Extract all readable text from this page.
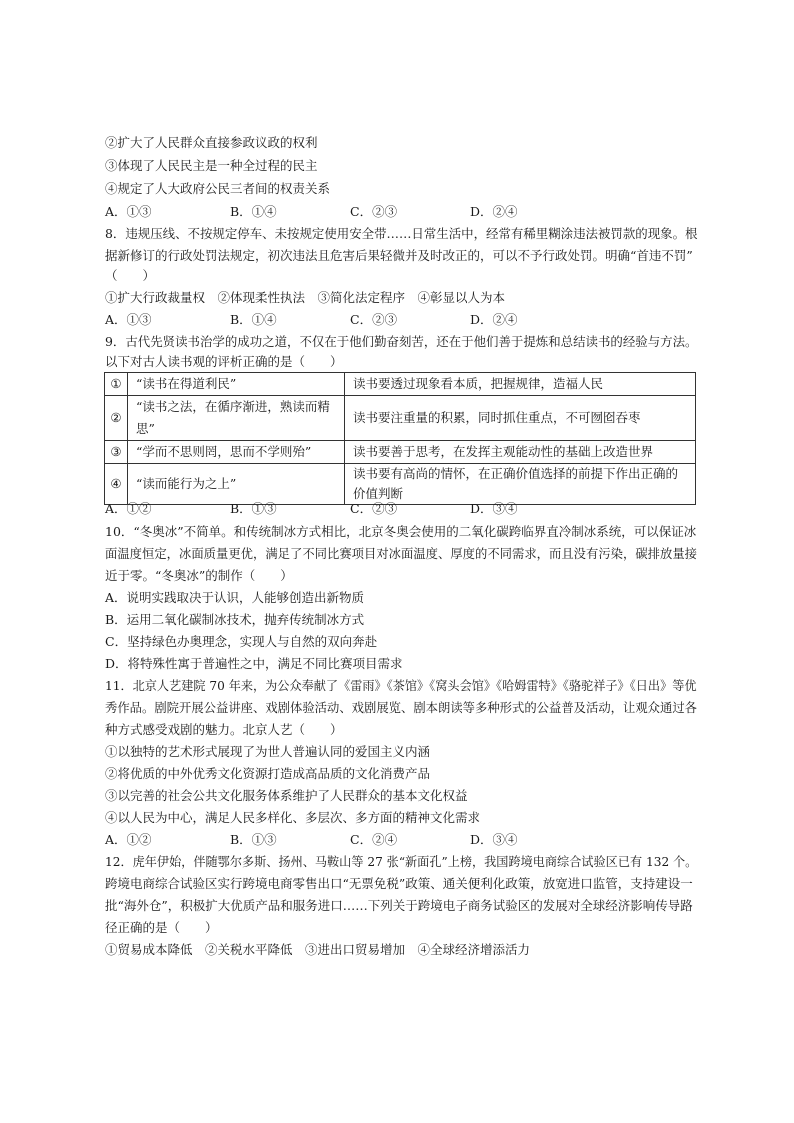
②扩大了人民群众直接参政议政的权利
③体现了人民民主是一种全过程的民主
④规定了人大政府公民三者间的权责关系
A．①③	B．①④	C．②③	D．②④
8．违规压线、不按规定停车、未按规定使用安全带……日常生活中，经常有稀里糊涂违法被罚款的现象。根
据新修订的行政处罚法规定，初次违法且危害后果轻微并及时改正的，可以不予行政处罚。明确“首违不罚”
（　　）
①扩大行政裁量权　②体现柔性执法　③简化法定程序　④彰显以人为本
A．①③	B．①④	C．②③	D．②④
9．古代先贤读书治学的成功之道，不仅在于他们勤奋刻苦，还在于他们善于提炼和总结读书的经验与方法。
以下对古人读书观的评析正确的是（　　）
①	“读书在得道利民”	读书要透过现象看本质，把握规律，造福人民
②	“读书之法，在循序渐进，熟读而精思”	读书要注重量的积累，同时抓住重点，不可囫囵吞枣
③	“学而不思则罔，思而不学则殆”	读书要善于思考，在发挥主观能动性的基础上改造世界
④	“读而能行为之上”	读书要有高尚的情怀，在正确价值选择的前提下作出正确的价值判断
A．①②	B．①③	C．②③	D．③④
10．“冬奥冰”不简单。和传统制冰方式相比，北京冬奥会使用的二氧化碳跨临界直冷制冰系统，可以保证冰
面温度恒定，冰面质量更优，满足了不同比赛项目对冰面温度、厚度的不同需求，而且没有污染，碳排放量接
近于零。“冬奥冰”的制作（　　）
A．说明实践取决于认识，人能够创造出新物质
B．运用二氧化碳制冰技术，抛弃传统制冰方式
C．坚持绿色办奥理念，实现人与自然的双向奔赴
D．将特殊性寓于普遍性之中，满足不同比赛项目需求
11．北京人艺建院 70 年来，为公众奉献了《雷雨》《茶馆》《窝头会馆》《哈姆雷特》《骆驼祥子》《日出》等优
秀作品。剧院开展公益讲座、戏剧体验活动、戏剧展览、剧本朗读等多种形式的公益普及活动，让观众通过各
种方式感受戏剧的魅力。北京人艺（　　）
①以独特的艺术形式展现了为世人普遍认同的爱国主义内涵
②将优质的中外优秀文化资源打造成高品质的文化消费产品
③以完善的社会公共文化服务体系维护了人民群众的基本文化权益
④以人民为中心，满足人民多样化、多层次、多方面的精神文化需求
A．①②	B．①③	C．②④	D．③④
12．虎年伊始，伴随鄂尔多斯、扬州、马鞍山等 27 张“新面孔”上榜，我国跨境电商综合试验区已有 132 个。
跨境电商综合试验区实行跨境电商零售出口“无票免税”政策、通关便利化政策，放宽进口监管，支持建设一
批“海外仓”，积极扩大优质产品和服务进口……下列关于跨境电子商务试验区的发展对全球经济影响传导路
径正确的是（　　）
①贸易成本降低　②关税水平降低　③进出口贸易增加　④全球经济增添活力
